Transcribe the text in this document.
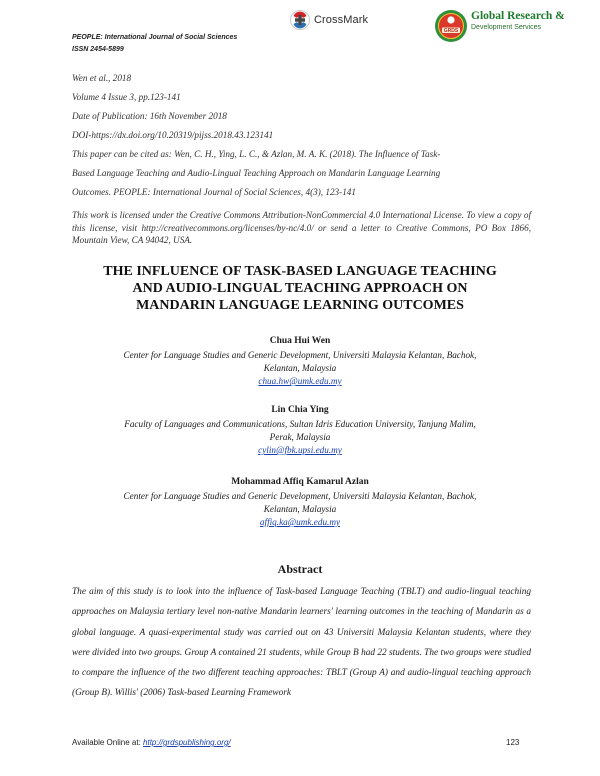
PEOPLE: International Journal of Social Sciences
ISSN 2454-5899
CrossMark
GRDS
Global Research &
Development Services
Wen et al., 2018
Volume 4 Issue 3, pp.123-141
Date of Publication: 16th November 2018
DOI-https://dx.doi.org/10.20319/pijss.2018.43.123141
This paper can be cited as: Wen, C. H., Ying, L. C., & Azlan, M. A. K. (2018). The Influence of Task-
Based Language Teaching and Audio-Lingual Teaching Approach on Mandarin Language Learning
Outcomes. PEOPLE: International Journal of Social Sciences, 4(3), 123-141
This work is licensed under the Creative Commons Attribution-NonCommercial 4.0 International License. To view a copy of this license, visit http://creativecommons.org/licenses/by-nc/4.0/ or send a letter to Creative Commons, PO Box 1866, Mountain View, CA 94042, USA.
THE INFLUENCE OF TASK-BASED LANGUAGE TEACHING
AND AUDIO-LINGUAL TEACHING APPROACH ON
MANDARIN LANGUAGE LEARNING OUTCOMES
Chua Hui Wen
Center for Language Studies and Generic Development, Universiti Malaysia Kelantan, Bachok,
Kelantan, Malaysia
chua.hw@umk.edu.my
Lin Chia Ying
Faculty of Languages and Communications, Sultan Idris Education University, Tanjung Malim,
Perak, Malaysia
cylin@fbk.upsi.edu.my
Mohammad Affiq Kamarul Azlan
Center for Language Studies and Generic Development, Universiti Malaysia Kelantan, Bachok,
Kelantan, Malaysia
affiq.ka@umk.edu.my
Abstract
The aim of this study is to look into the influence of Task-based Language Teaching (TBLT) and audio-lingual teaching approaches on Malaysia tertiary level non-native Mandarin learners' learning outcomes in the teaching of Mandarin as a global language. A quasi-experimental study was carried out on 43 Universiti Malaysia Kelantan students, where they were divided into two groups. Group A contained 21 students, while Group B had 22 students. The two groups were studied to compare the influence of the two different teaching approaches: TBLT (Group A) and audio-lingual teaching approach (Group B). Willis' (2006) Task-based Learning Framework
Available Online at: http://grdspublishing.org/	123
